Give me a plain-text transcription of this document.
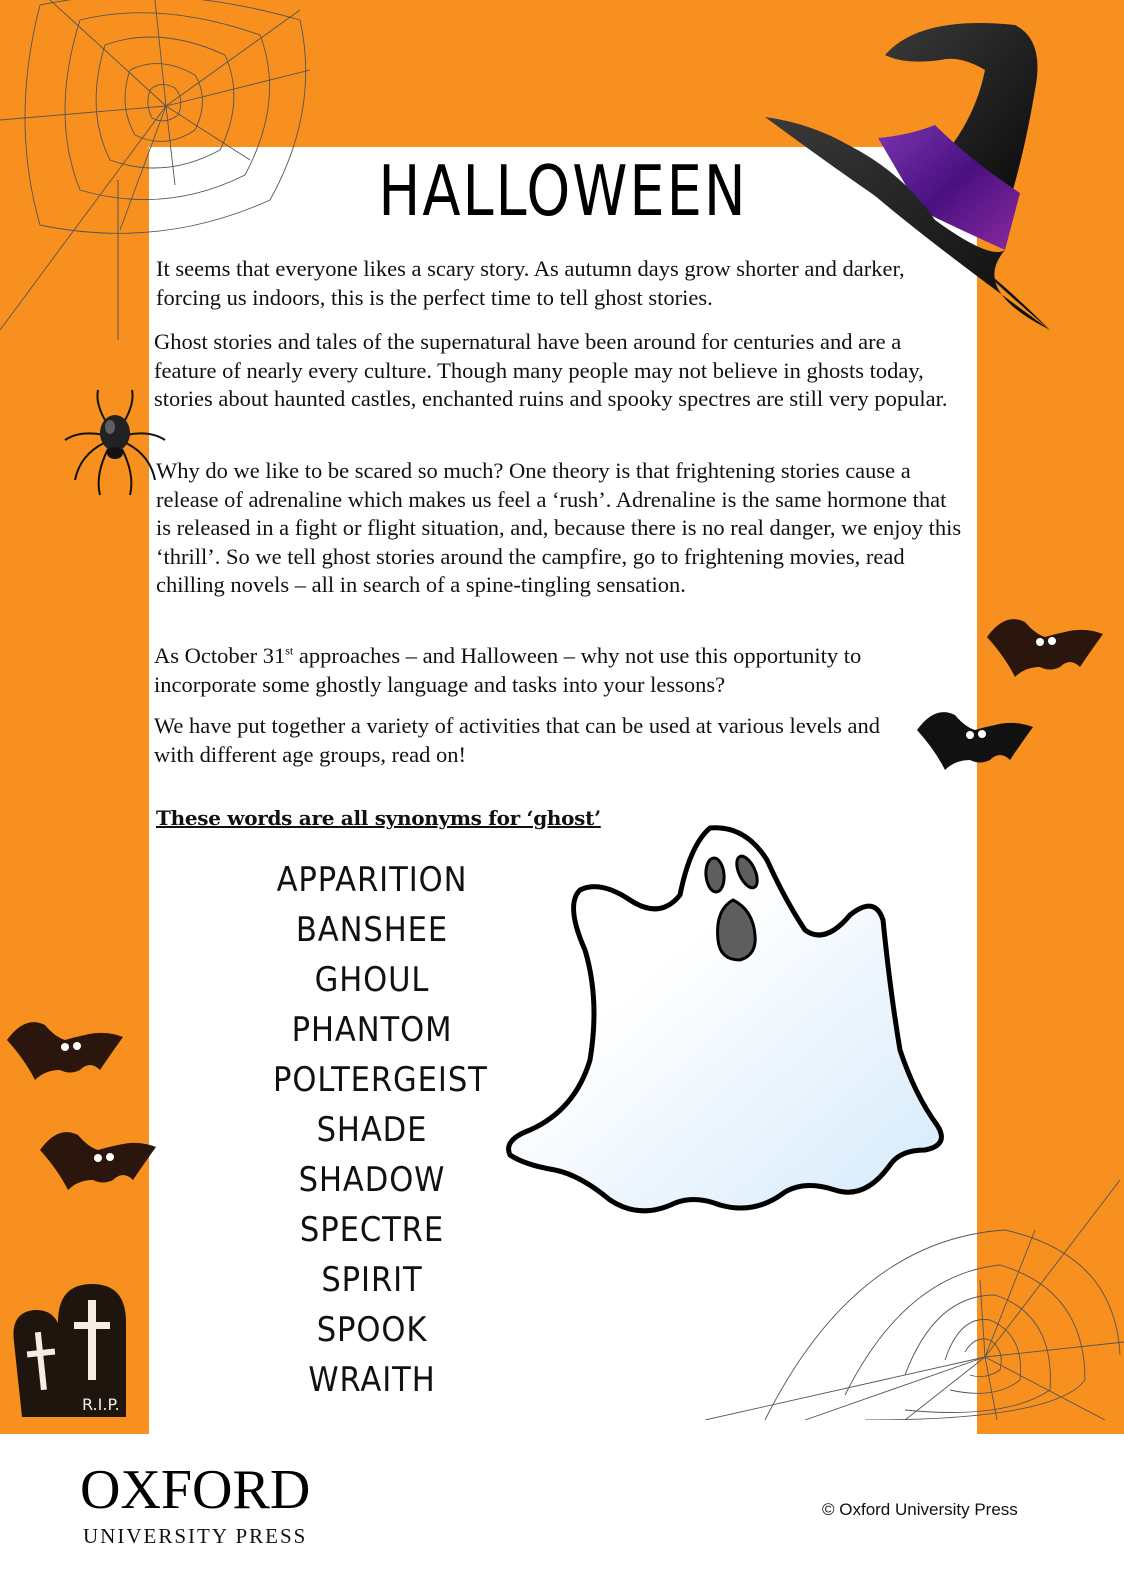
HALLOWEEN

It seems that everyone likes a scary story. As autumn days grow shorter and darker, forcing us indoors, this is the perfect time to tell ghost stories.

Ghost stories and tales of the supernatural have been around for centuries and are a feature of nearly every culture. Though many people may not believe in ghosts today, stories about haunted castles, enchanted ruins and spooky spectres are still very popular.

Why do we like to be scared so much? One theory is that frightening stories cause a release of adrenaline which makes us feel a ‘rush’. Adrenaline is the same hormone that is released in a fight or flight situation, and, because there is no real danger, we enjoy this ‘thrill’. So we tell ghost stories around the campfire, go to frightening movies, read chilling novels – all in search of a spine-tingling sensation.

As October 31st approaches – and Halloween – why not use this opportunity to incorporate some ghostly language and tasks into your lessons?

We have put together a variety of activities that can be used at various levels and with different age groups, read on!

These words are all synonyms for ‘ghost’
APPARITION
BANSHEE
GHOUL
PHANTOM
POLTERGEIST
SHADE
SHADOW
SPECTRE
SPIRIT
SPOOK
WRAITH
R.I.P.
OXFORD
UNIVERSITY PRESS
© Oxford University Press
